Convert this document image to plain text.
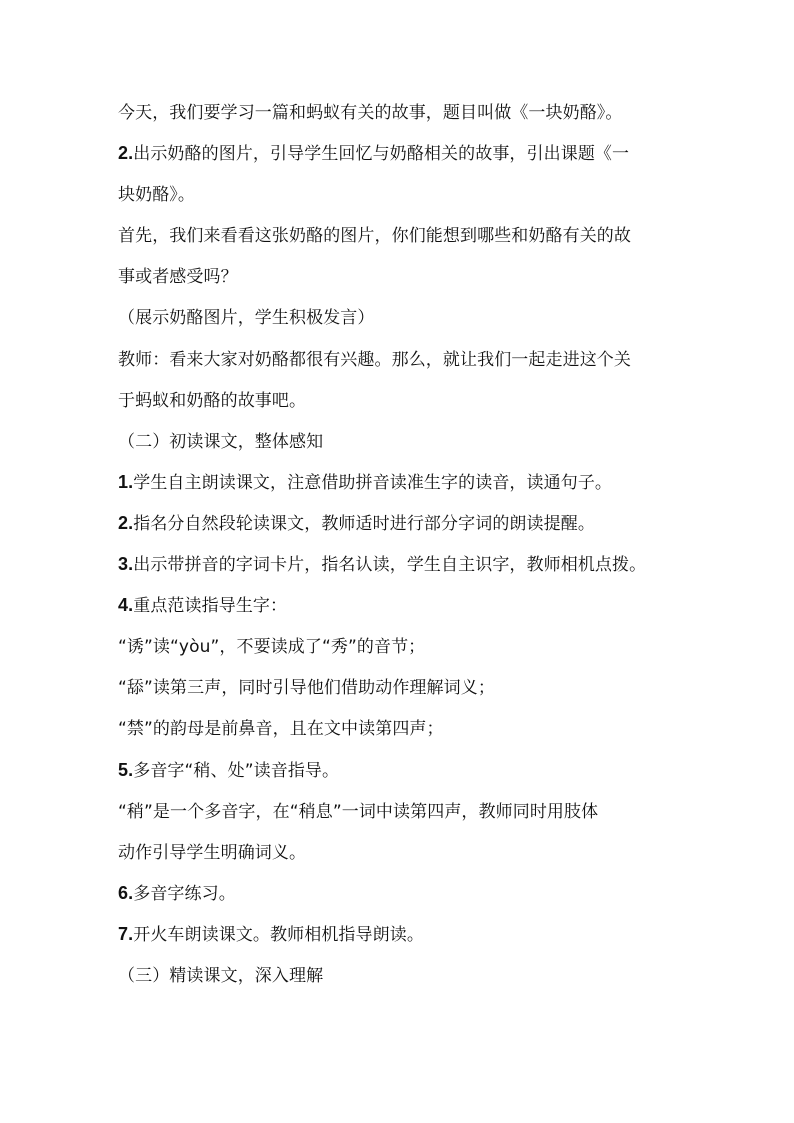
今天，我们要学习一篇和蚂蚁有关的故事，题目叫做《一块奶酪》。
2.出示奶酪的图片，引导学生回忆与奶酪相关的故事，引出课题《一
块奶酪》。
首先，我们来看看这张奶酪的图片，你们能想到哪些和奶酪有关的故
事或者感受吗？
（展示奶酪图片，学生积极发言）
教师：看来大家对奶酪都很有兴趣。那么，就让我们一起走进这个关
于蚂蚁和奶酪的故事吧。
（二）初读课文，整体感知
1.学生自主朗读课文，注意借助拼音读准生字的读音，读通句子。
2.指名分自然段轮读课文，教师适时进行部分字词的朗读提醒。
3.出示带拼音的字词卡片，指名认读，学生自主识字，教师相机点拨。
4.重点范读指导生字：
“诱”读“yòu”，不要读成了“秀”的音节；
“舔”读第三声，同时引导他们借助动作理解词义；
“禁”的韵母是前鼻音，且在文中读第四声；
5.多音字“稍、处”读音指导。
“稍”是一个多音字，在“稍息”一词中读第四声，教师同时用肢体
动作引导学生明确词义。
6.多音字练习。
7.开火车朗读课文。教师相机指导朗读。
（三）精读课文，深入理解
